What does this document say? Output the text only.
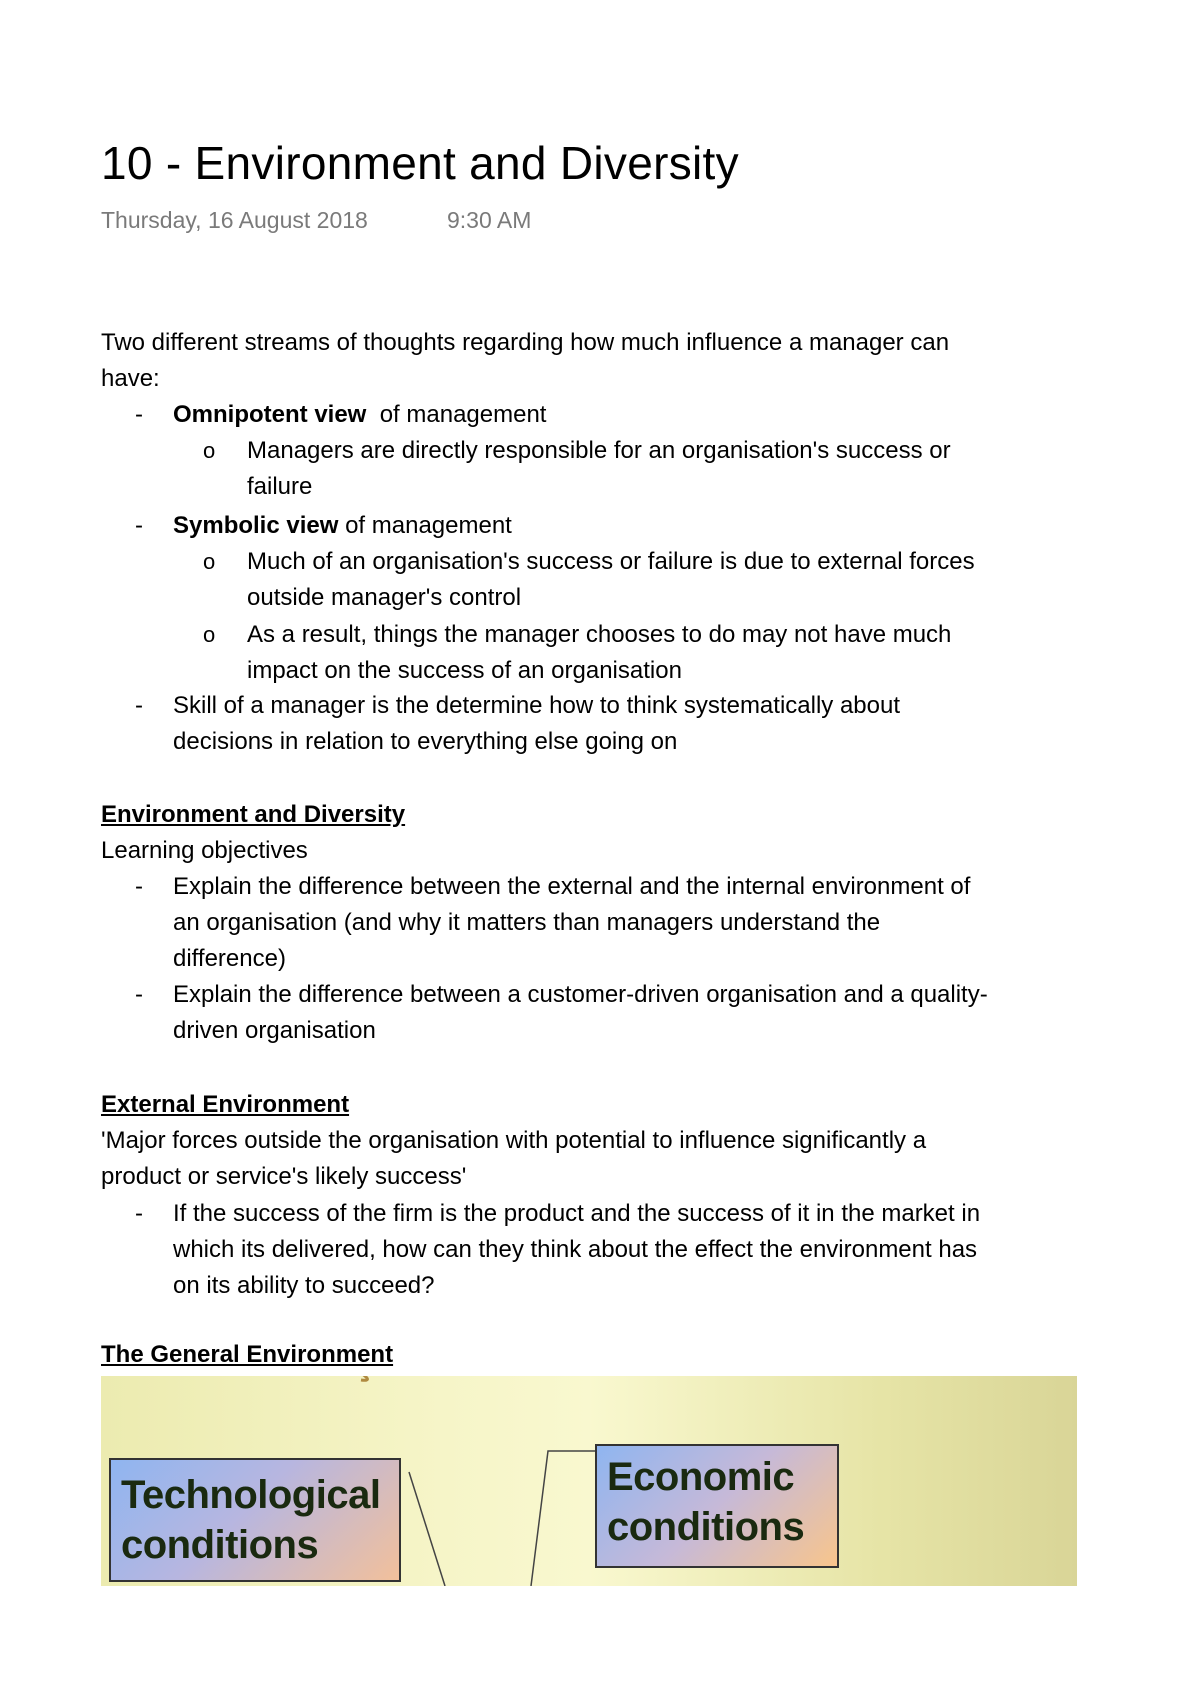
10 - Environment and Diversity
Thursday, 16 August 2018	9:30 AM
Two different streams of thoughts regarding how much influence a manager can
have:
- Omnipotent view  of management
o Managers are directly responsible for an organisation's success or
failure
- Symbolic view of management
o Much of an organisation's success or failure is due to external forces
outside manager's control
o As a result, things the manager chooses to do may not have much
impact on the success of an organisation
- Skill of a manager is the determine how to think systematically about
decisions in relation to everything else going on
Environment and Diversity
Learning objectives
- Explain the difference between the external and the internal environment of
an organisation (and why it matters than managers understand the
difference)
- Explain the difference between a customer-driven organisation and a quality-
driven organisation
External Environment
'Major forces outside the organisation with potential to influence significantly a
product or service's likely success'
- If the success of the firm is the product and the success of it in the market in
which its delivered, how can they think about the effect the environment has
on its ability to succeed?
The General Environment
Technological
conditions
Economic
conditions
